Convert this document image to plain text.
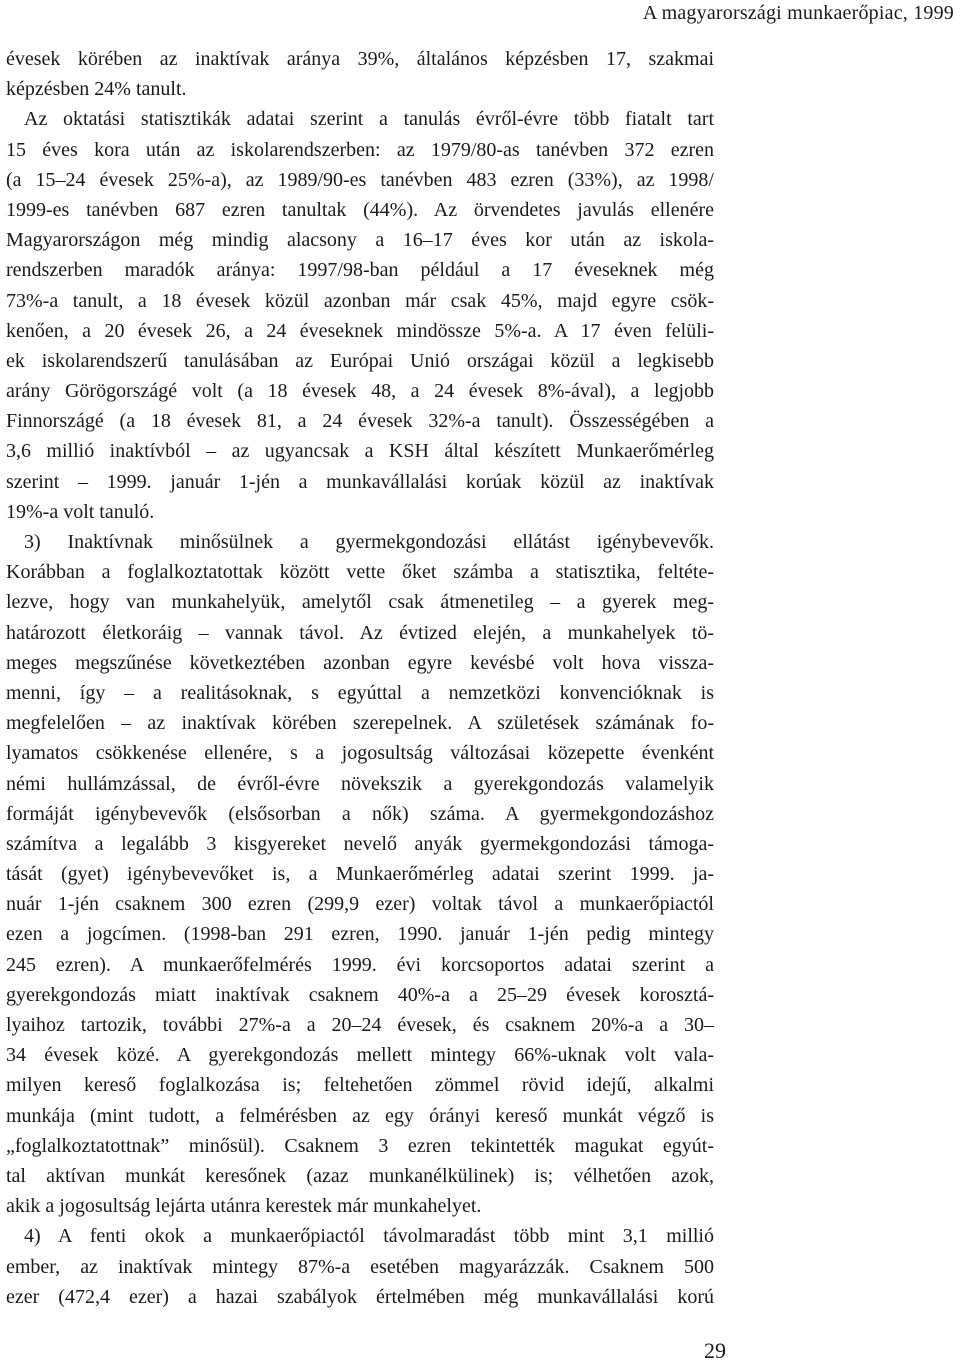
A magyarországi munkaerőpiac, 1999
évesek körében az inaktívak aránya 39%, általános képzésben 17, szakmai
képzésben 24% tanult.
Az oktatási statisztikák adatai szerint a tanulás évről-évre több fiatalt tart
15 éves kora után az iskolarendszerben: az 1979/80-as tanévben 372 ezren
(a 15–24 évesek 25%-a), az 1989/90-es tanévben 483 ezren (33%), az 1998/
1999-es tanévben 687 ezren tanultak (44%). Az örvendetes javulás ellenére
Magyarországon még mindig alacsony a 16–17 éves kor után az iskola-
rendszerben maradók aránya: 1997/98-ban például a 17 éveseknek még
73%-a tanult, a 18 évesek közül azonban már csak 45%, majd egyre csök-
kenően, a 20 évesek 26, a 24 éveseknek mindössze 5%-a. A 17 éven felüli-
ek iskolarendszerű tanulásában az Európai Unió országai közül a legkisebb
arány Görögországé volt (a 18 évesek 48, a 24 évesek 8%-ával), a legjobb
Finnországé (a 18 évesek 81, a 24 évesek 32%-a tanult). Összességében a
3,6 millió inaktívból – az ugyancsak a KSH által készített Munkaerőmérleg
szerint – 1999. január 1-jén a munkavállalási korúak közül az inaktívak
19%-a volt tanuló.
3) Inaktívnak minősülnek a gyermekgondozási ellátást igénybevevők.
Korábban a foglalkoztatottak között vette őket számba a statisztika, feltéte-
lezve, hogy van munkahelyük, amelytől csak átmenetileg – a gyerek meg-
határozott életkoráig – vannak távol. Az évtized elején, a munkahelyek tö-
meges megszűnése következtében azonban egyre kevésbé volt hova vissza-
menni, így – a realitásoknak, s egyúttal a nemzetközi konvencióknak is
megfelelően – az inaktívak körében szerepelnek. A születések számának fo-
lyamatos csökkenése ellenére, s a jogosultság változásai közepette évenként
némi hullámzással, de évről-évre növekszik a gyerekgondozás valamelyik
formáját igénybevevők (elsősorban a nők) száma. A gyermekgondozáshoz
számítva a legalább 3 kisgyereket nevelő anyák gyermekgondozási támoga-
tását (gyet) igénybevevőket is, a Munkaerőmérleg adatai szerint 1999. ja-
nuár 1-jén csaknem 300 ezren (299,9 ezer) voltak távol a munkaerőpiactól
ezen a jogcímen. (1998-ban 291 ezren, 1990. január 1-jén pedig mintegy
245 ezren). A munkaerőfelmérés 1999. évi korcsoportos adatai szerint a
gyerekgondozás miatt inaktívak csaknem 40%-a a 25–29 évesek korosztá-
lyaihoz tartozik, további 27%-a a 20–24 évesek, és csaknem 20%-a a 30–
34 évesek közé. A gyerekgondozás mellett mintegy 66%-uknak volt vala-
milyen kereső foglalkozása is; feltehetően zömmel rövid idejű, alkalmi
munkája (mint tudott, a felmérésben az egy órányi kereső munkát végző is
„foglalkoztatottnak” minősül). Csaknem 3 ezren tekintették magukat egyút-
tal aktívan munkát keresőnek (azaz munkanélkülinek) is; vélhetően azok,
akik a jogosultság lejárta utánra kerestek már munkahelyet.
4) A fenti okok a munkaerőpiactól távolmaradást több mint 3,1 millió
ember, az inaktívak mintegy 87%-a esetében magyarázzák. Csaknem 500
ezer (472,4 ezer) a hazai szabályok értelmében még munkavállalási korú
29
